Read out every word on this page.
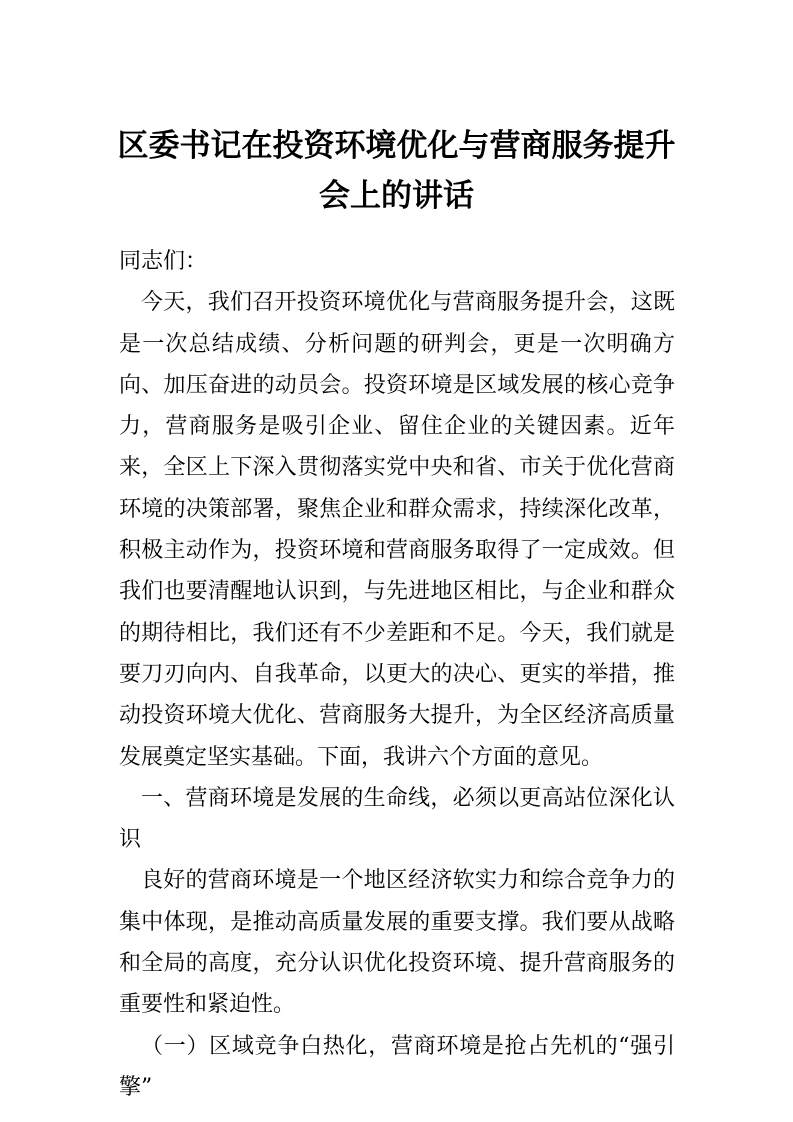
区委书记在投资环境优化与营商服务提升
会上的讲话

同志们：

今天，我们召开投资环境优化与营商服务提升会，这既是一次总结成绩、分析问题的研判会，更是一次明确方向、加压奋进的动员会。投资环境是区域发展的核心竞争力，营商服务是吸引企业、留住企业的关键因素。近年来，全区上下深入贯彻落实党中央和省、市关于优化营商环境的决策部署，聚焦企业和群众需求，持续深化改革，积极主动作为，投资环境和营商服务取得了一定成效。但我们也要清醒地认识到，与先进地区相比，与企业和群众的期待相比，我们还有不少差距和不足。今天，我们就是要刀刃向内、自我革命，以更大的决心、更实的举措，推动投资环境大优化、营商服务大提升，为全区经济高质量发展奠定坚实基础。下面，我讲六个方面的意见。

一、营商环境是发展的生命线，必须以更高站位深化认识

良好的营商环境是一个地区经济软实力和综合竞争力的集中体现，是推动高质量发展的重要支撑。我们要从战略和全局的高度，充分认识优化投资环境、提升营商服务的重要性和紧迫性。

（一）区域竞争白热化，营商环境是抢占先机的“强引擎”
